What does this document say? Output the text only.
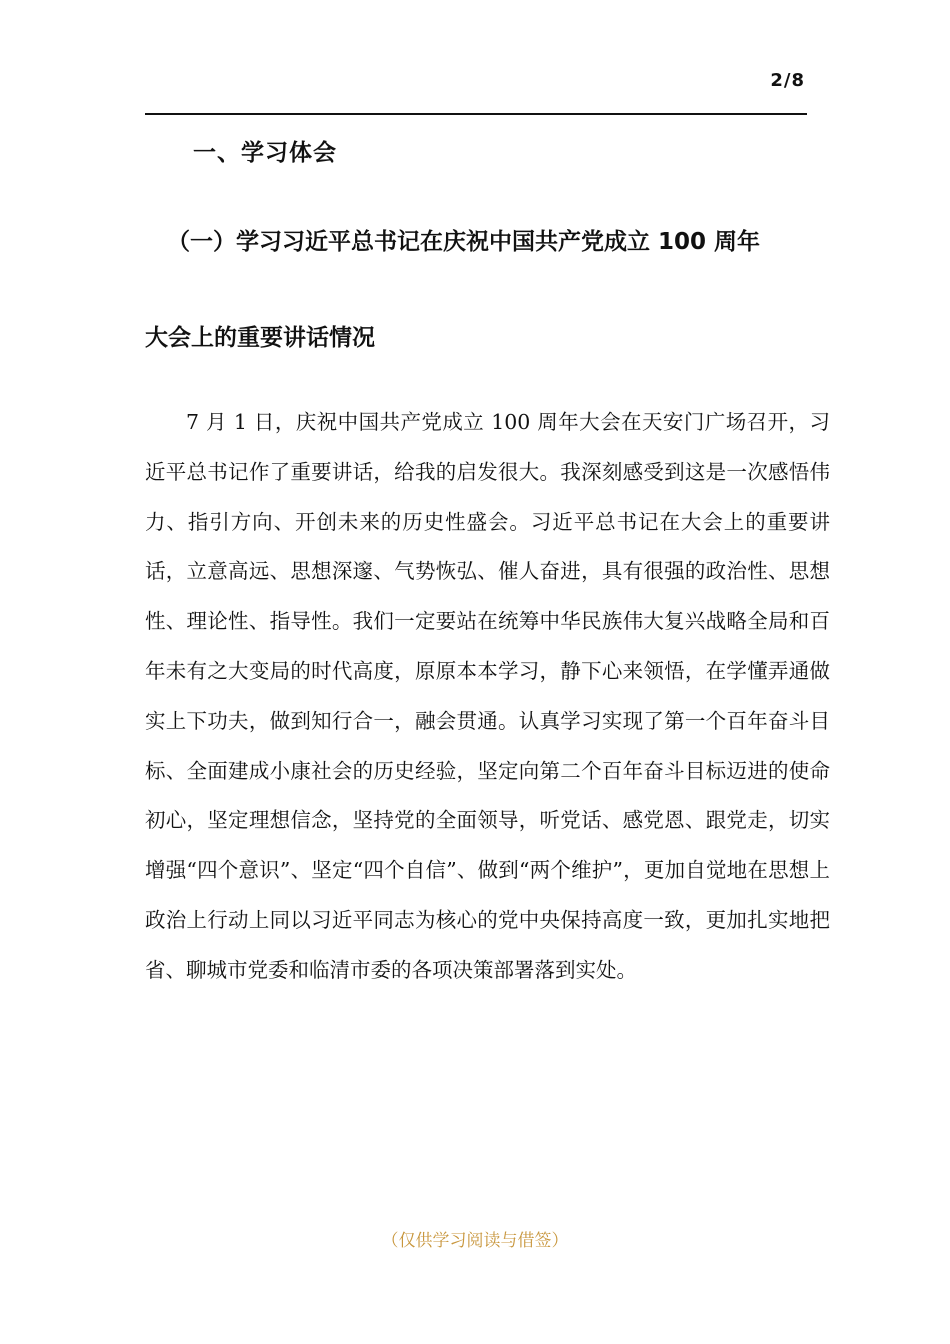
2/8
一、学习体会
（一）学习习近平总书记在庆祝中国共产党成立 100 周年
大会上的重要讲话情况

7 月 1 日，庆祝中国共产党成立 100 周年大会在天安门广场召开，习近平总书记作了重要讲话，给我的启发很大。我深刻感受到这是一次感悟伟力、指引方向、开创未来的历史性盛会。习近平总书记在大会上的重要讲话，立意高远、思想深邃、气势恢弘、催人奋进，具有很强的政治性、思想性、理论性、指导性。我们一定要站在统筹中华民族伟大复兴战略全局和百年未有之大变局的时代高度，原原本本学习，静下心来领悟，在学懂弄通做实上下功夫，做到知行合一，融会贯通。认真学习实现了第一个百年奋斗目标、全面建成小康社会的历史经验，坚定向第二个百年奋斗目标迈进的使命初心，坚定理想信念，坚持党的全面领导，听党话、感党恩、跟党走，切实增强“四个意识”、坚定“四个自信”、做到“两个维护”，更加自觉地在思想上政治上行动上同以习近平同志为核心的党中央保持高度一致，更加扎实地把省、聊城市党委和临清市委的各项决策部署落到实处。

（仅供学习阅读与借签）
